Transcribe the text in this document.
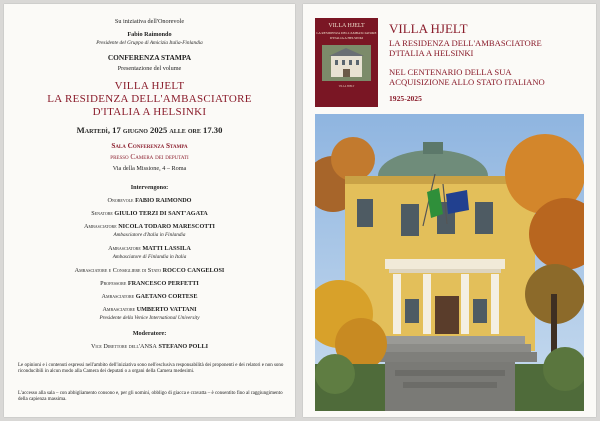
Su iniziativa dell'Onorevole
Fabio Raimondo
Presidente del Gruppo di Amicizia Italia-Finlandia
CONFERENZA STAMPA
Presentazione del volume
VILLA HJELT
LA RESIDENZA DELL'AMBASCIATORE
D'ITALIA A HELSINKI
Martedì, 17 giugno 2025 alle ore 17.30
Sala Conferenza Stampa
presso Camera dei deputati
Via della Missione, 4 – Roma
Intervengono:
Onorevole FABIO RAIMONDO
Senatore GIULIO TERZI DI SANT'AGATA
Ambasciatore NICOLA TODARO MARESCOTTI
Ambasciatore d'Italia in Finlandia
Ambasciatore MATTI LASSILA
Ambasciatore di Finlandia in Italia
Ambasciatore e Consigliere di Stato ROCCO CANGELOSI
Professore FRANCESCO PERFETTI
Ambasciatore GAETANO CORTESE
Ambasciatore UMBERTO VATTANI
Presidente della Venice International University
Moderatore:
Vice Direttore dell'ANSA STEFANO POLLI
Le opinioni e i contenuti espressi nell'ambito dell'iniziativa sono nell'esclusiva responsabilità dei proponenti e dei relatori e non sono riconducibili in alcun modo alla Camera dei deputati o a organi della Camera medesimi.
L'accesso alla sala – con abbigliamento consono e, per gli uomini, obbligo di giacca e cravatta – è consentito fino al raggiungimento della capienza massima.
VILLA HJELT
LA RESIDENZA DELL'AMBASCIATORE
D'ITALIA A HELSINKI
VILLA HJELT
VILLA HJELT
LA RESIDENZA DELL'AMBASCIATORE
D'ITALIA A HELSINKI
NEL CENTENARIO DELLA SUA
ACQUISIZIONE ALLO STATO ITALIANO
1925-2025
